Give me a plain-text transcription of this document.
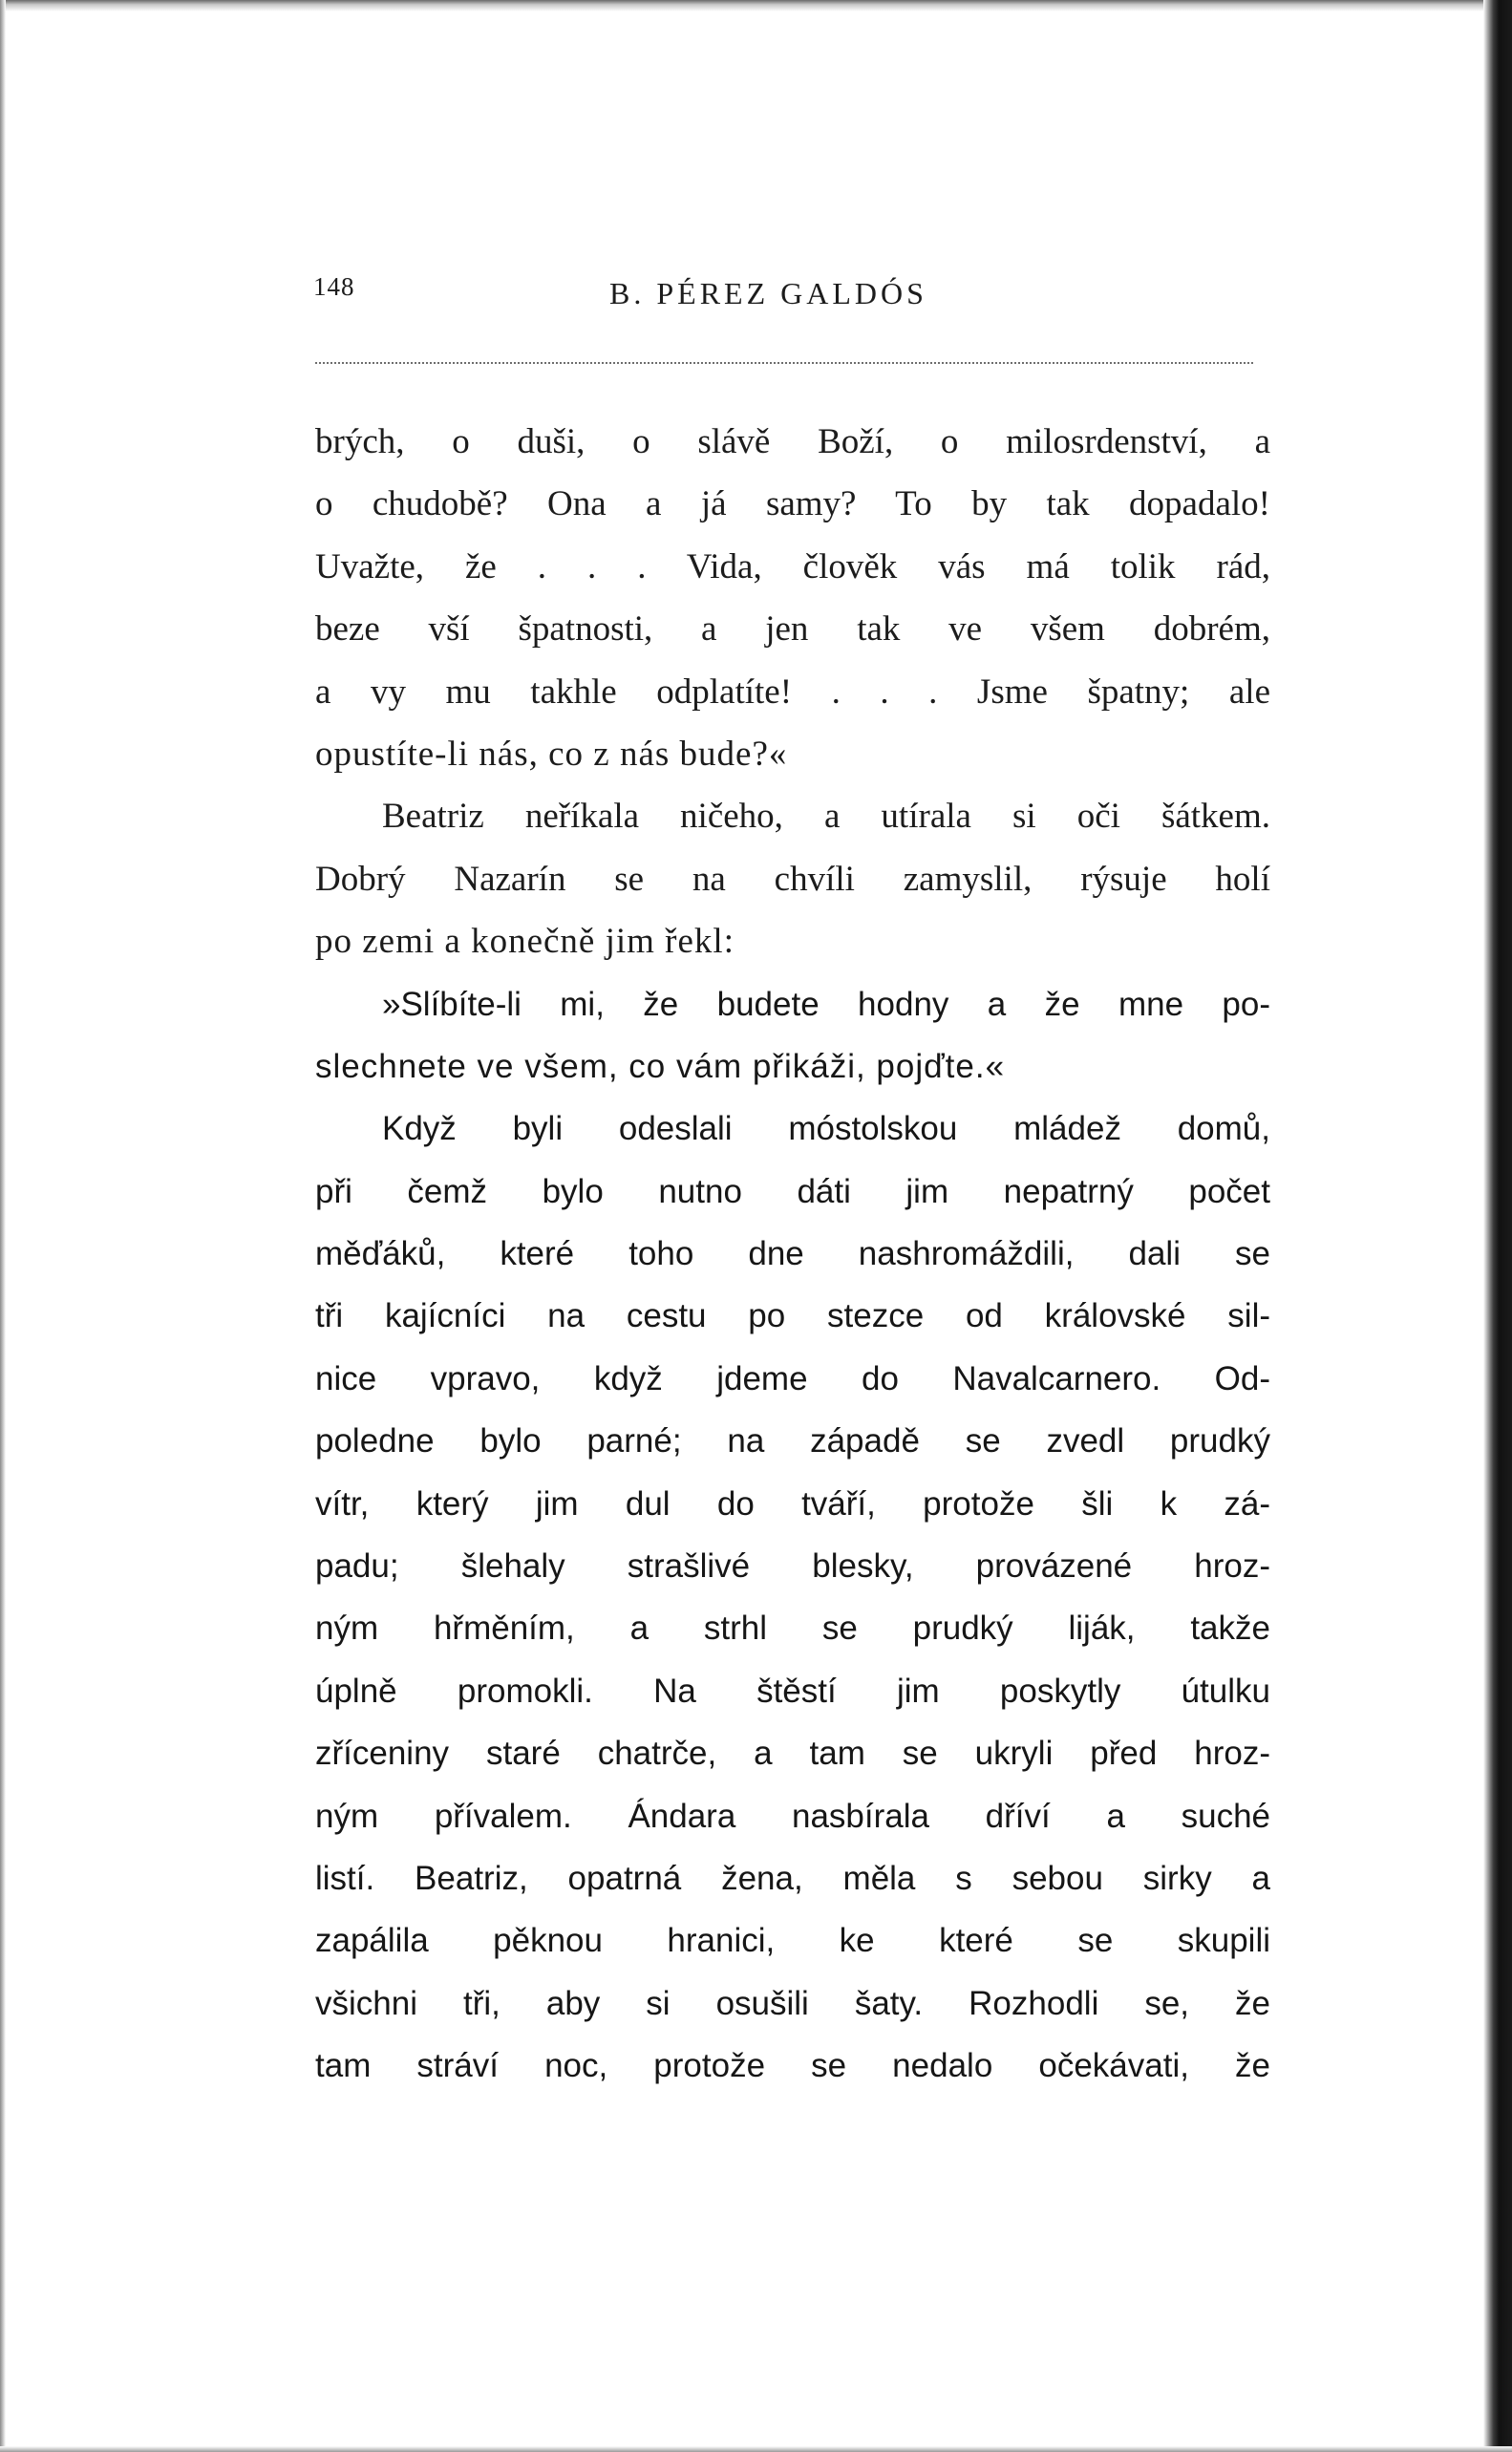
148	B. PÉREZ GALDÓS
brých, o duši, o slávě Boží, o milosrdenství, a
o chudobě? Ona a já samy? To by tak dopadalo!
Uvažte, že . . . Vida, člověk vás má tolik rád,
beze vší špatnosti, a jen tak ve všem dobrém,
a vy mu takhle odplatíte! . . . Jsme špatny; ale
opustíte-li nás, co z nás bude?«
Beatriz neříkala ničeho, a utírala si oči šátkem.
Dobrý Nazarín se na chvíli zamyslil, rýsuje holí
po zemi a konečně jim řekl:
»Slíbíte-li mi, že budete hodny a že mne po-
slechnete ve všem, co vám přikáži, pojďte.«
Když byli odeslali móstolskou mládež domů,
při čemž bylo nutno dáti jim nepatrný počet
měďáků, které toho dne nashromáždili, dali se
tři kajícníci na cestu po stezce od královské sil-
nice vpravo, když jdeme do Navalcarnero. Od-
poledne bylo parné; na západě se zvedl prudký
vítr, který jim dul do tváří, protože šli k zá-
padu; šlehaly strašlivé blesky, provázené hroz-
ným hřměním, a strhl se prudký liják, takže
úplně promokli. Na štěstí jim poskytly útulku
zříceniny staré chatrče, a tam se ukryli před hroz-
ným přívalem. Ándara nasbírala dříví a suché
listí. Beatriz, opatrná žena, měla s sebou sirky a
zapálila pěknou hranici, ke které se skupili
všichni tři, aby si osušili šaty. Rozhodli se, že
tam stráví noc, protože se nedalo očekávati, že
